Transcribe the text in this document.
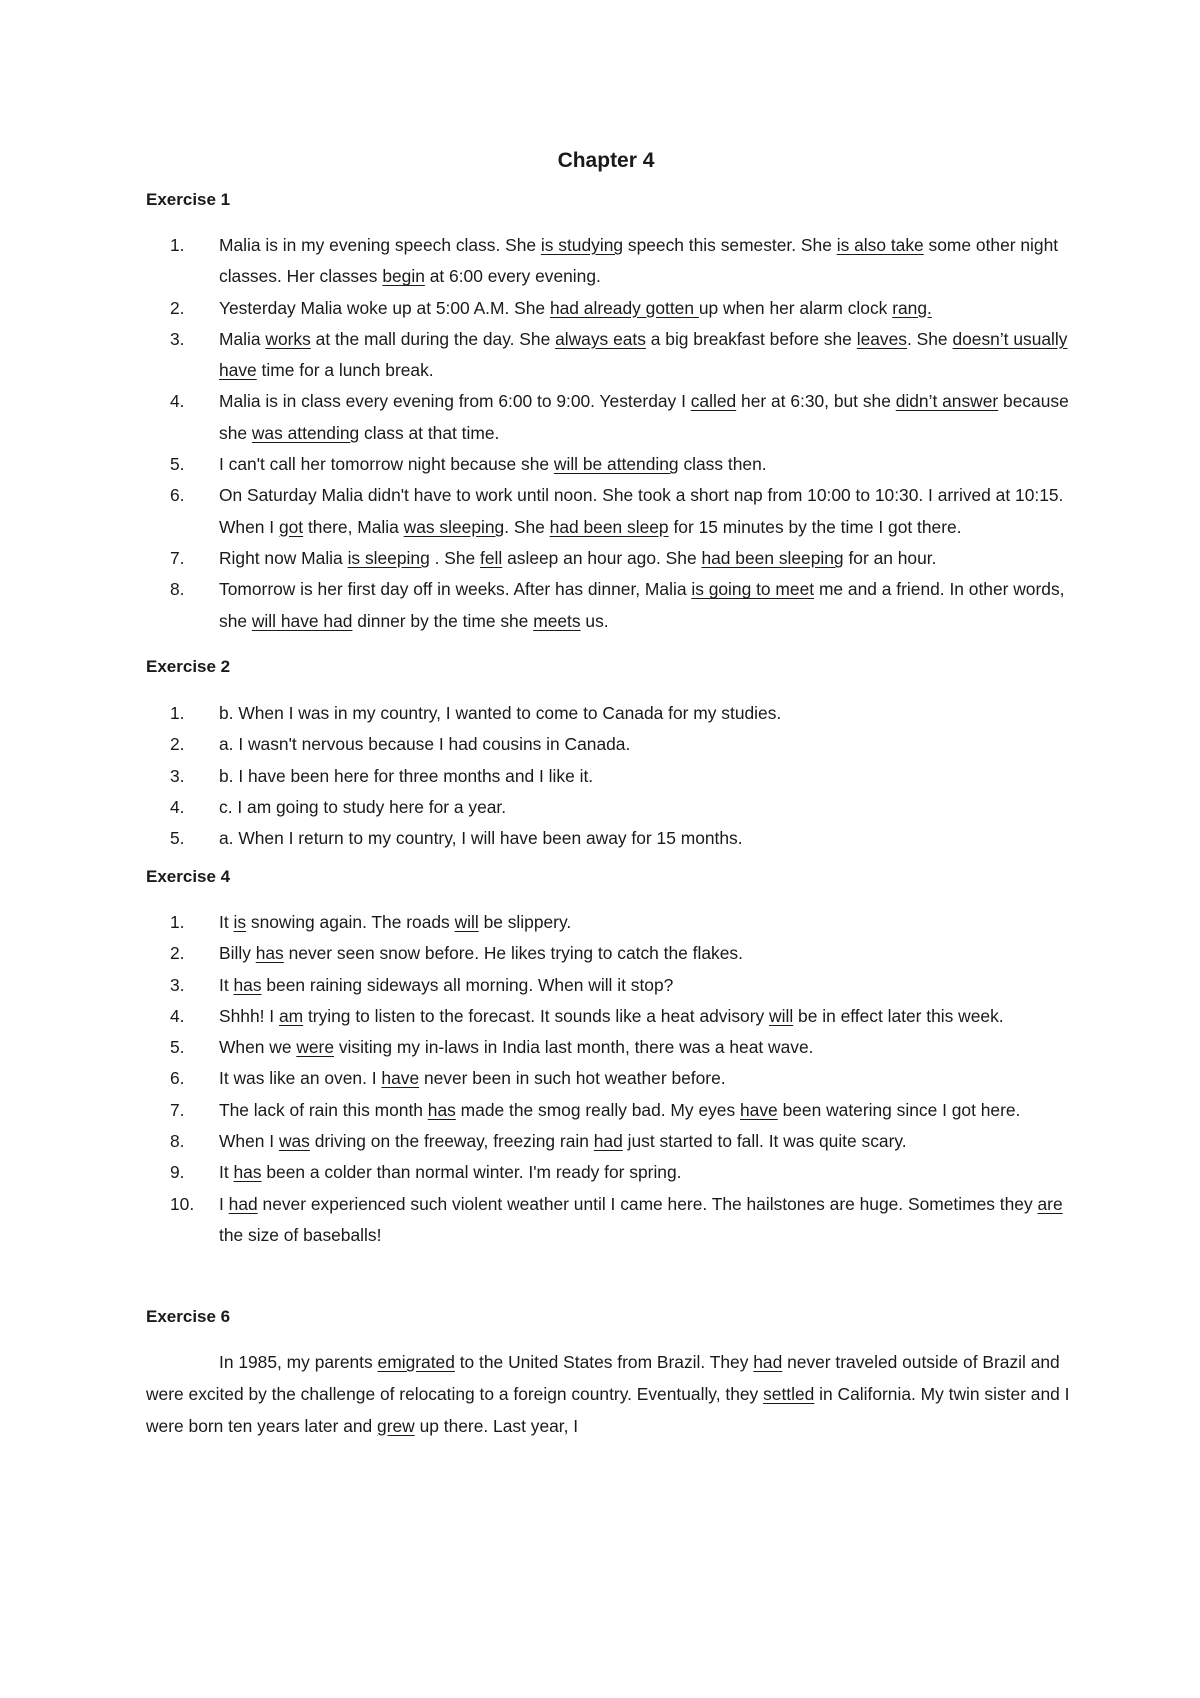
Chapter 4
Exercise 1
1.	Malia is in my evening speech class. She is studying speech this semester. She is also take some other night classes. Her classes begin at 6:00 every evening.
2.	Yesterday Malia woke up at 5:00 A.M. She had already gotten up when her alarm clock rang.
3.	Malia works at the mall during the day. She always eats a big breakfast before she leaves. She doesn’t usually have time for a lunch break.
4.	Malia is in class every evening from 6:00 to 9:00. Yesterday I called her at 6:30, but she didn’t answer because she was attending class at that time.
5.	I can't call her tomorrow night because she will be attending class then.
6.	On Saturday Malia didn't have to work until noon. She took a short nap from 10:00 to 10:30. I arrived at 10:15. When I got there, Malia was sleeping. She had been sleep for 15 minutes by the time I got there.
7.	Right now Malia is sleeping . She fell asleep an hour ago. She had been sleeping for an hour.
8.	Tomorrow is her first day off in weeks. After has dinner, Malia is going to meet me and a friend. In other words, she will have had dinner by the time she meets us.
Exercise 2
1.	b. When I was in my country, I wanted to come to Canada for my studies.
2.	a. I wasn't nervous because I had cousins in Canada.
3.	b. I have been here for three months and I like it.
4.	c. I am going to study here for a year.
5.	a. When I return to my country, I will have been away for 15 months.
Exercise 4
1.	It is snowing again. The roads will be slippery.
2.	Billy has never seen snow before. He likes trying to catch the flakes.
3.	It has been raining sideways all morning. When will it stop?
4.	Shhh! I am trying to listen to the forecast. It sounds like a heat advisory will be in effect later this week.
5.	When we were visiting my in-laws in India last month, there was a heat wave.
6.	It was like an oven. I have never been in such hot weather before.
7.	The lack of rain this month has made the smog really bad. My eyes have been watering since I got here.
8.	When I was driving on the freeway, freezing rain had just started to fall. It was quite scary.
9.	It has been a colder than normal winter. I'm ready for spring.
10.	I had never experienced such violent weather until I came here. The hailstones are huge. Sometimes they are the size of baseballs!
Exercise 6

In 1985, my parents emigrated to the United States from Brazil. They had never traveled outside of Brazil and were excited by the challenge of relocating to a foreign country. Eventually, they settled in California. My twin sister and I were born ten years later and grew up there. Last year, I
